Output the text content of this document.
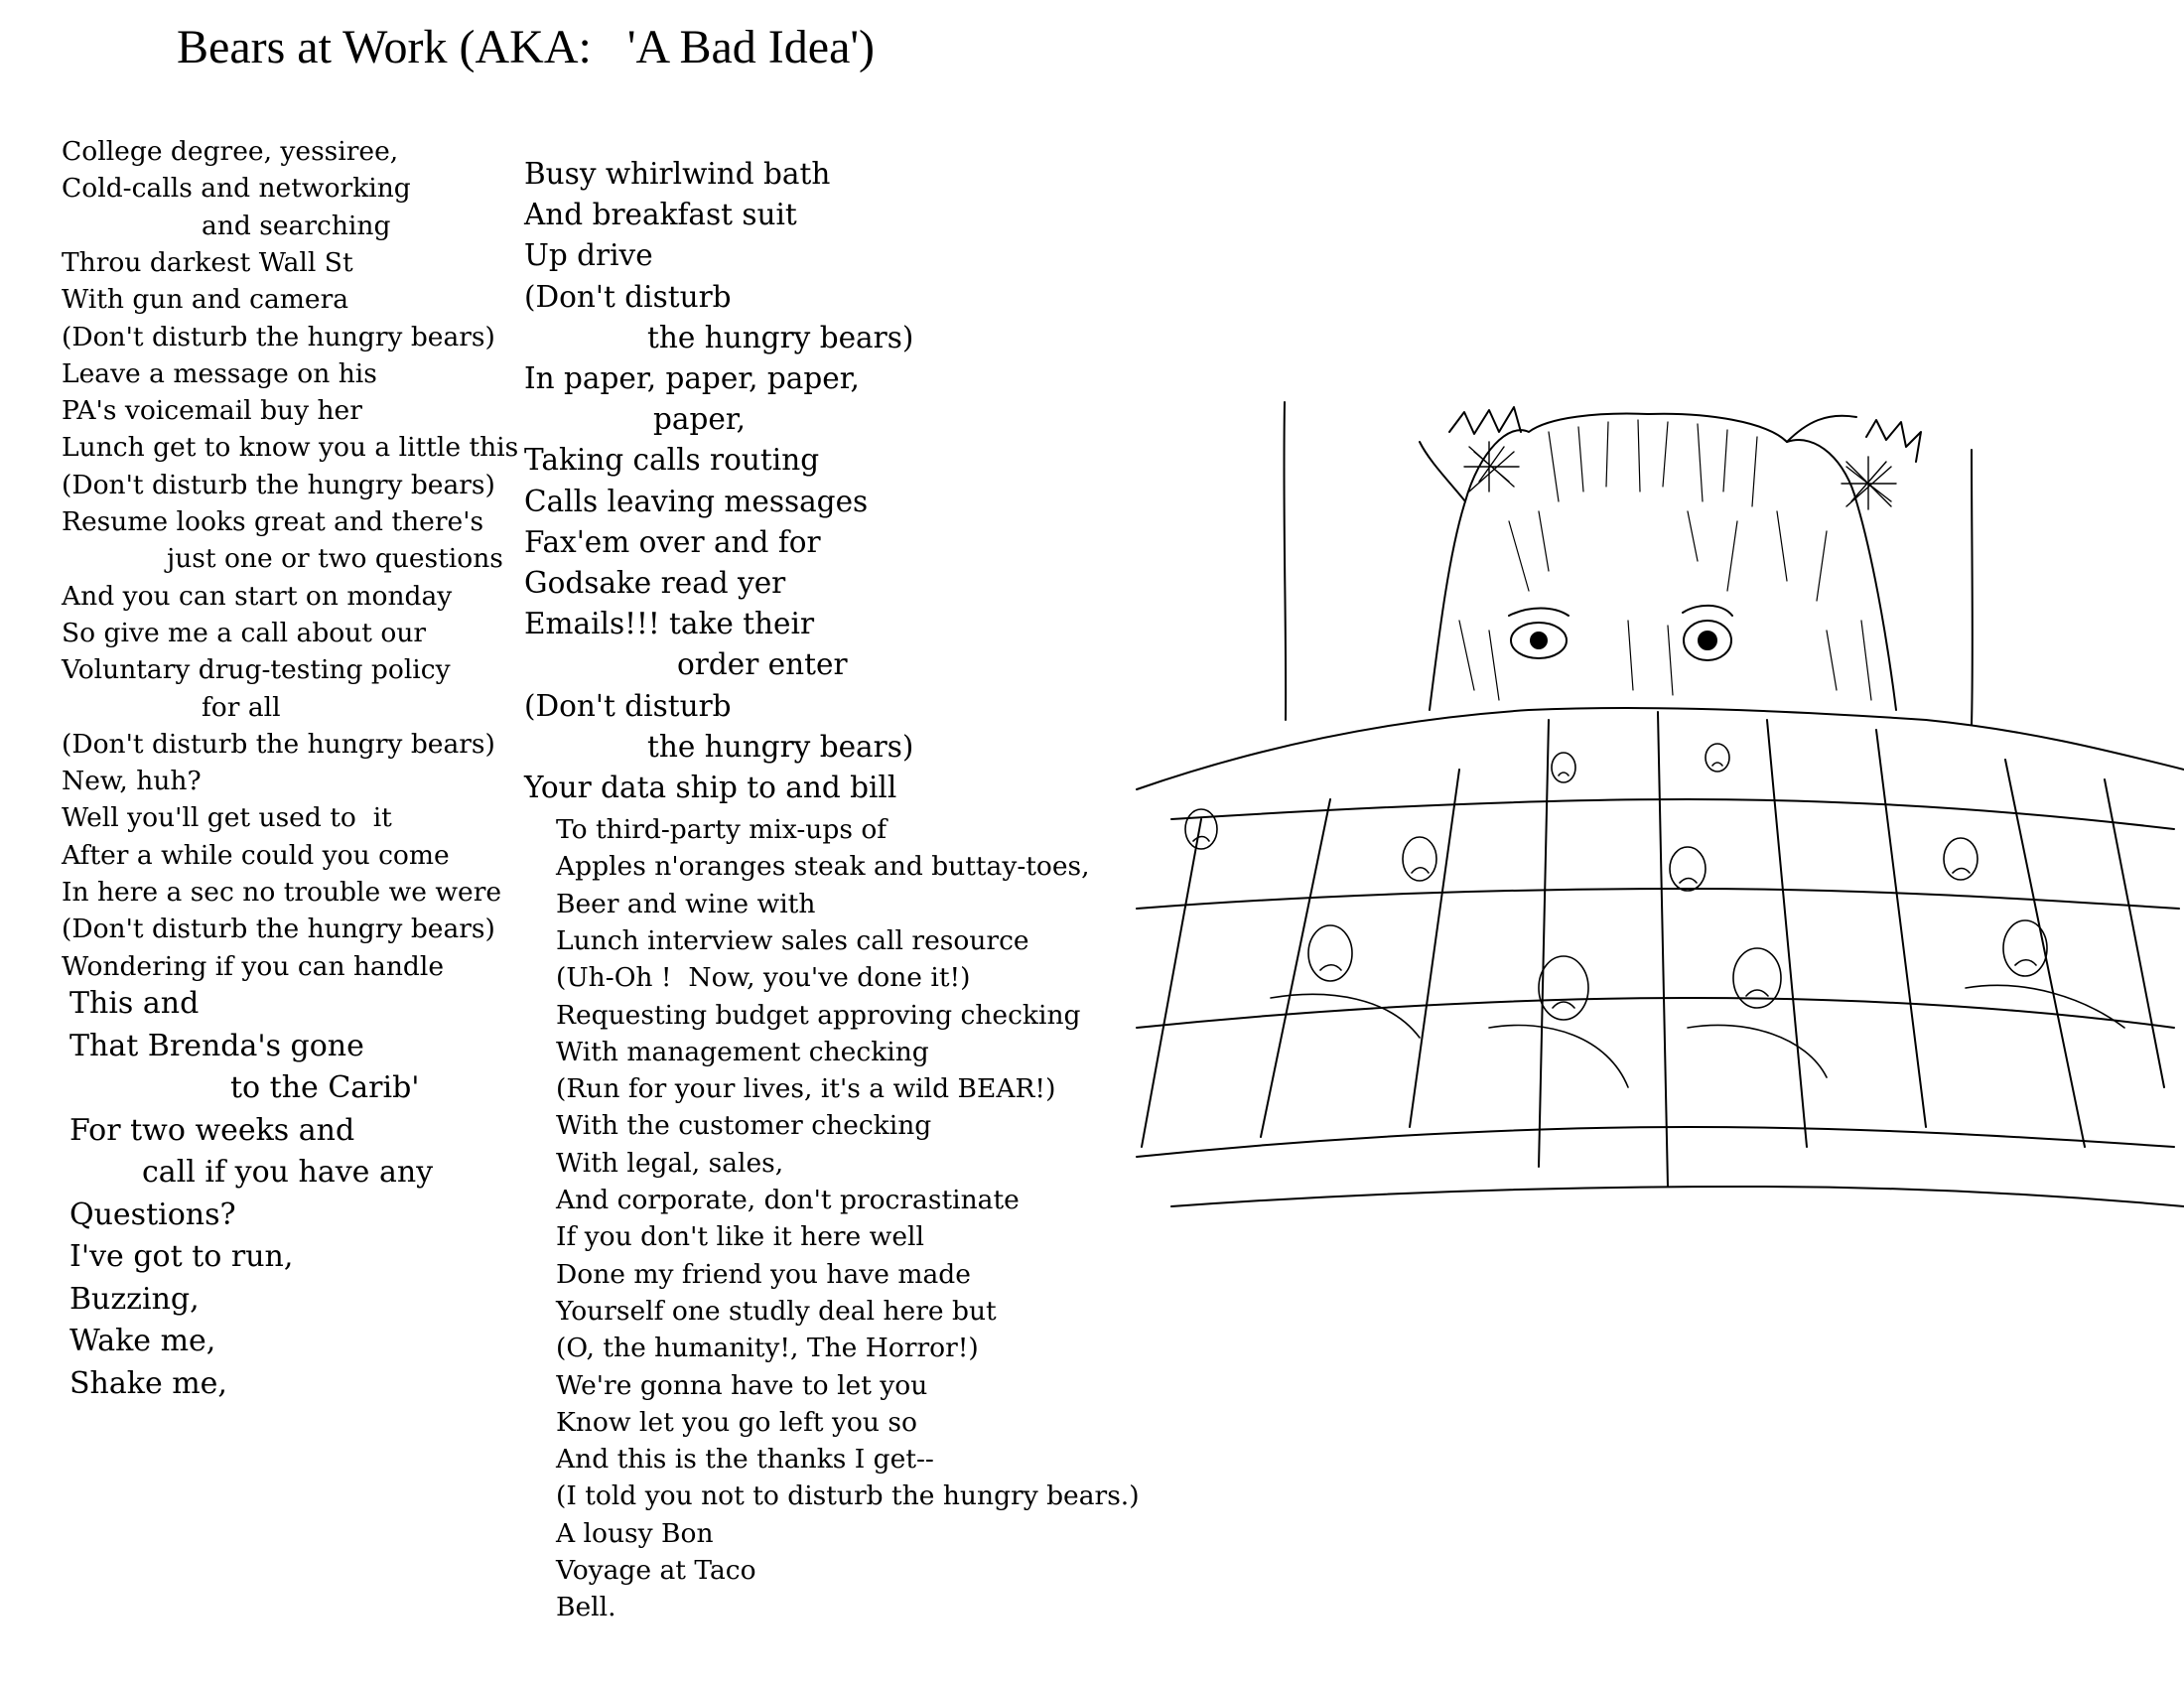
Bears at Work (AKA:   'A Bad Idea')
College degree, yessiree,
Cold-calls and networking
and searching
Throu darkest Wall St
With gun and camera
(Don't disturb the hungry bears)
Leave a message on his
PA's voicemail buy her
Lunch get to know you a little this
(Don't disturb the hungry bears)
Resume looks great and there's
just one or two questions
And you can start on monday
So give me a call about our
Voluntary drug-testing policy
for all
(Don't disturb the hungry bears)
New, huh?
Well you'll get used to  it
After a while could you come
In here a sec no trouble we were
(Don't disturb the hungry bears)
Wondering if you can handle
This and
That Brenda's gone
to the Carib'
For two weeks and
call if you have any
Questions?
I've got to run,
Buzzing,
Wake me,
Shake me,
Busy whirlwind bath
And breakfast suit
Up drive
(Don't disturb
the hungry bears)
In paper, paper, paper,
paper,
Taking calls routing
Calls leaving messages
Fax'em over and for
Godsake read yer
Emails!!! take their
order enter
(Don't disturb
the hungry bears)
Your data ship to and bill
To third-party mix-ups of
Apples n'oranges steak and buttay-toes,
Beer and wine with
Lunch interview sales call resource
(Uh-Oh !  Now, you've done it!)
Requesting budget approving checking
With management checking
(Run for your lives, it's a wild BEAR!)
With the customer checking
With legal, sales,
And corporate, don't procrastinate
If you don't like it here well
Done my friend you have made
Yourself one studly deal here but
(O, the humanity!, The Horror!)
We're gonna have to let you
Know let you go left you so
And this is the thanks I get--
(I told you not to disturb the hungry bears.)
A lousy Bon
Voyage at Taco
Bell.
